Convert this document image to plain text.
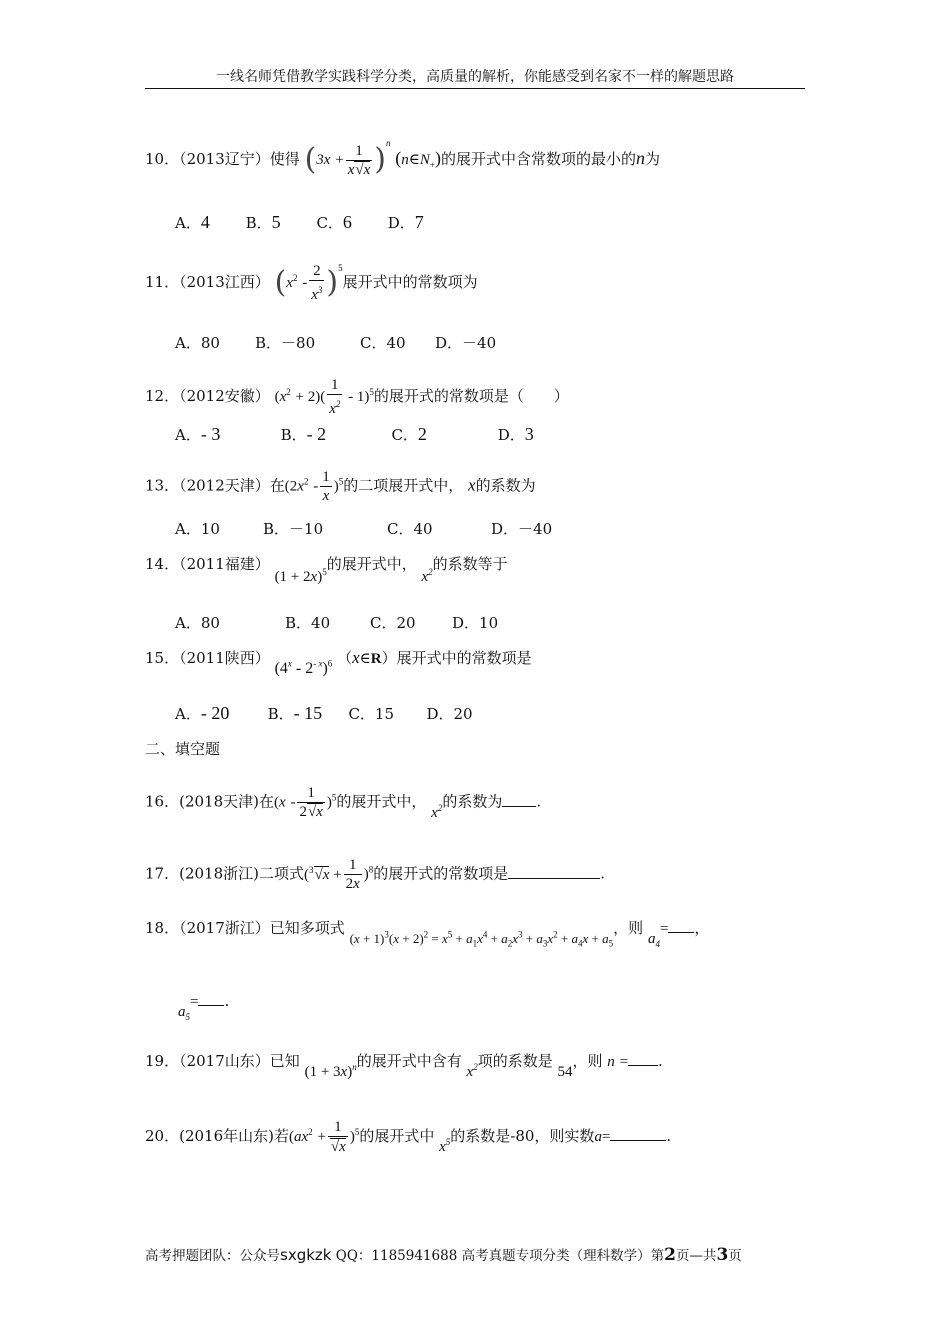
一线名师凭借教学实践科学分类，高质量的解析，你能感受到名家不一样的解题思路
10．（2013辽宁）使得 $(3x + \frac{1}{x√x} )^n$ $(n\in N_+)$的展开式中含常数项的最小的n为
A．4 B．5 C．6 D．7
11．（2013江西） $(x^2 - \frac{2}{x^3} )^5$展开式中的常数项为
A．80 B．－80	C．40 D．－40
12．（2012安徽） $(x^2 + 2)( \frac{1}{x^2} - 1)^5$的展开式的常数项是（　　）
A．- 3	B．- 2	C．2	D．3
13．（2012天津）在$(2x^2 - \frac{1}{x} )^5$的二项展开式中， x的系数为
A．10	B．－10	C．40	D．－40
14．（2011福建） $(1 + 2x)^5$的展开式中， $x^2$的系数等于
A．80	B．40	C．20 D．10
15．（2011陕西） $(4^x - 2^{- x})^6$ （x∈R）展开式中的常数项是
A．- 20	B．- 15 C．15 D．20
二、填空题
16．(2018天津)在$(x - \frac{1}{2√x} )^5$的展开式中， $x^2$的系数为 .
17．(2018浙江)二项式$(^3√x + \frac{1}{2x} )^8$的展开式的常数项是	.
18．（2017浙江）已知多项式 $(x + 1)^3(x + 2)^2 = x^5 + a_1x^4 + a_2x^3 + a_3x^2 + a_4x + a_5$，则 $a_4=$ ，
$a_5=$ .
19．（2017山东）已知 $(1 + 3x)^n$的展开式中含有 $x^2$项的系数是 54，则 n = .
20．(2016年山东)若$(ax^2 + \frac{1}{√x} )^5$的展开式中 $x^5$的系数是-80，则实数a=	.
高考押题团队：公众号sxgkzk QQ：1185941688 高考真题专项分类（理科数学）第2页—共3页
